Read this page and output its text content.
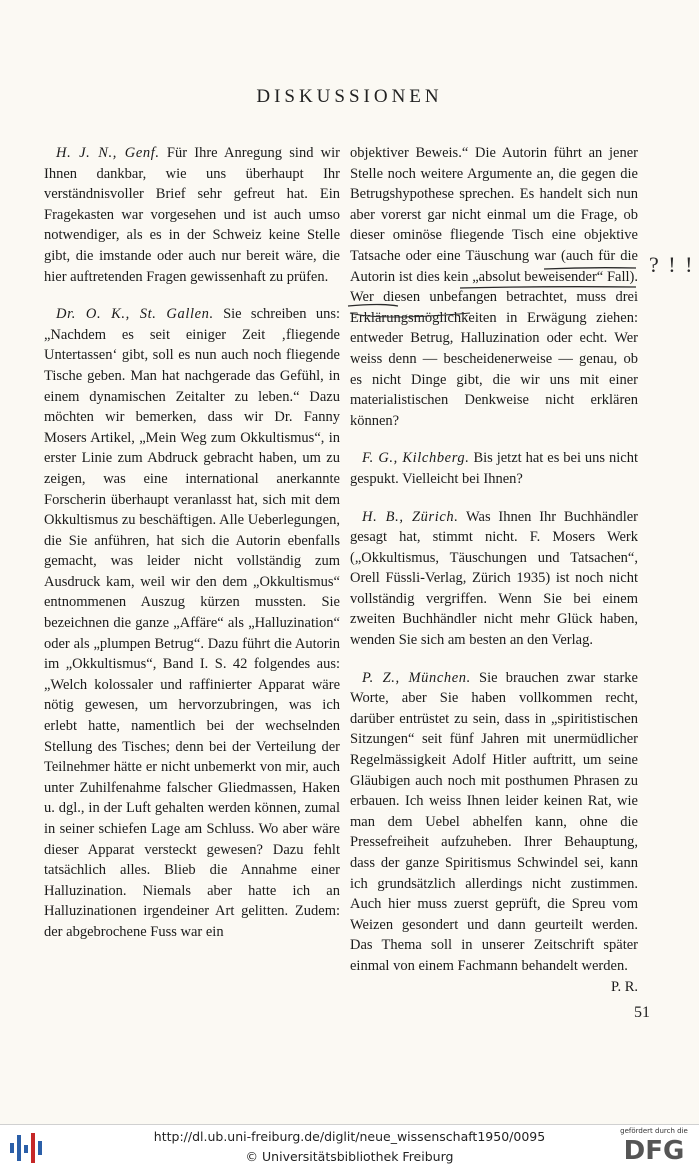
DISKUSSIONEN

H. J. N., Genf. Für Ihre Anregung sind wir Ihnen dankbar, wie uns überhaupt Ihr verständnisvoller Brief sehr gefreut hat. Ein Fragekasten war vorgesehen und ist auch umso notwendiger, als es in der Schweiz keine Stelle gibt, die imstande oder auch nur bereit wäre, die hier auftretenden Fragen gewissenhaft zu prüfen.

Dr. O. K., St. Gallen. Sie schreiben uns: „Nachdem es seit einiger Zeit ‚fliegende Untertassen‘ gibt, soll es nun auch noch fliegende Tische geben. Man hat nachgerade das Gefühl, in einem dynamischen Zeitalter zu leben.“ Dazu möchten wir bemerken, dass wir Dr. Fanny Mosers Artikel, „Mein Weg zum Okkultismus“, in erster Linie zum Abdruck gebracht haben, um zu zeigen, was eine international anerkannte Forscherin überhaupt veranlasst hat, sich mit dem Okkultismus zu beschäftigen. Alle Ueberlegungen, die Sie anführen, hat sich die Autorin ebenfalls gemacht, was leider nicht vollständig zum Ausdruck kam, weil wir den dem „Okkultismus“ entnommenen Auszug kürzen mussten. Sie bezeichnen die ganze „Affäre“ als „Halluzination“ oder als „plumpen Betrug“. Dazu führt die Autorin im „Okkultismus“, Band I. S. 42 folgendes aus: „Welch kolossaler und raffinierter Apparat wäre nötig gewesen, um hervorzubringen, was ich erlebt hatte, namentlich bei der wechselnden Stellung des Tisches; denn bei der Verteilung der Teilnehmer hätte er nicht unbemerkt von mir, auch unter Zuhilfenahme falscher Gliedmassen, Haken u. dgl., in der Luft gehalten werden können, zumal in seiner schiefen Lage am Schluss. Wo aber wäre dieser Apparat versteckt gewesen? Dazu fehlt tatsächlich alles. Blieb die Annahme einer Halluzination. Niemals aber hatte ich an Halluzinationen irgendeiner Art gelitten. Zudem: der abgebrochene Fuss war ein

objektiver Beweis.“ Die Autorin führt an jener Stelle noch weitere Argumente an, die gegen die Betrugshypothese sprechen. Es handelt sich nun aber vorerst gar nicht einmal um die Frage, ob dieser ominöse fliegende Tisch eine objektive Tatsache oder eine Täuschung war (auch für die Autorin ist dies kein „absolut beweisender“ Fall). Wer diesen unbefangen betrachtet, muss drei Erklärungsmöglichkeiten in Erwägung ziehen: entweder Betrug, Halluzination oder echt. Wer weiss denn — bescheidenerweise — genau, ob es nicht Dinge gibt, die wir uns mit einer materialistischen Denkweise nicht erklären können?

F. G., Kilchberg. Bis jetzt hat es bei uns nicht gespukt. Vielleicht bei Ihnen?

H. B., Zürich. Was Ihnen Ihr Buchhändler gesagt hat, stimmt nicht. F. Mosers Werk („Okkultismus, Täuschungen und Tatsachen“, Orell Füssli-Verlag, Zürich 1935) ist noch nicht vollständig vergriffen. Wenn Sie bei einem zweiten Buchhändler nicht mehr Glück haben, wenden Sie sich am besten an den Verlag.

P. Z., München. Sie brauchen zwar starke Worte, aber Sie haben vollkommen recht, darüber entrüstet zu sein, dass in „spiritistischen Sitzungen“ seit fünf Jahren mit unermüdlicher Regelmässigkeit Adolf Hitler auftritt, um seine Gläubigen auch noch mit posthumen Phrasen zu erbauen. Ich weiss Ihnen leider keinen Rat, wie man dem Uebel abhelfen kann, ohne die Pressefreiheit aufzuheben. Ihrer Behauptung, dass der ganze Spiritismus Schwindel sei, kann ich grundsätzlich allerdings nicht zustimmen. Auch hier muss zuerst geprüft, die Spreu vom Weizen gesondert und dann geurteilt werden. Das Thema soll in unserer Zeitschrift später einmal von einem Fachmann behandelt werden.
P. R.

? ! !
51
http://dl.ub.uni-freiburg.de/diglit/neue_wissenschaft1950/0095
© Universitätsbibliothek Freiburg
gefördert durch die
DFG
